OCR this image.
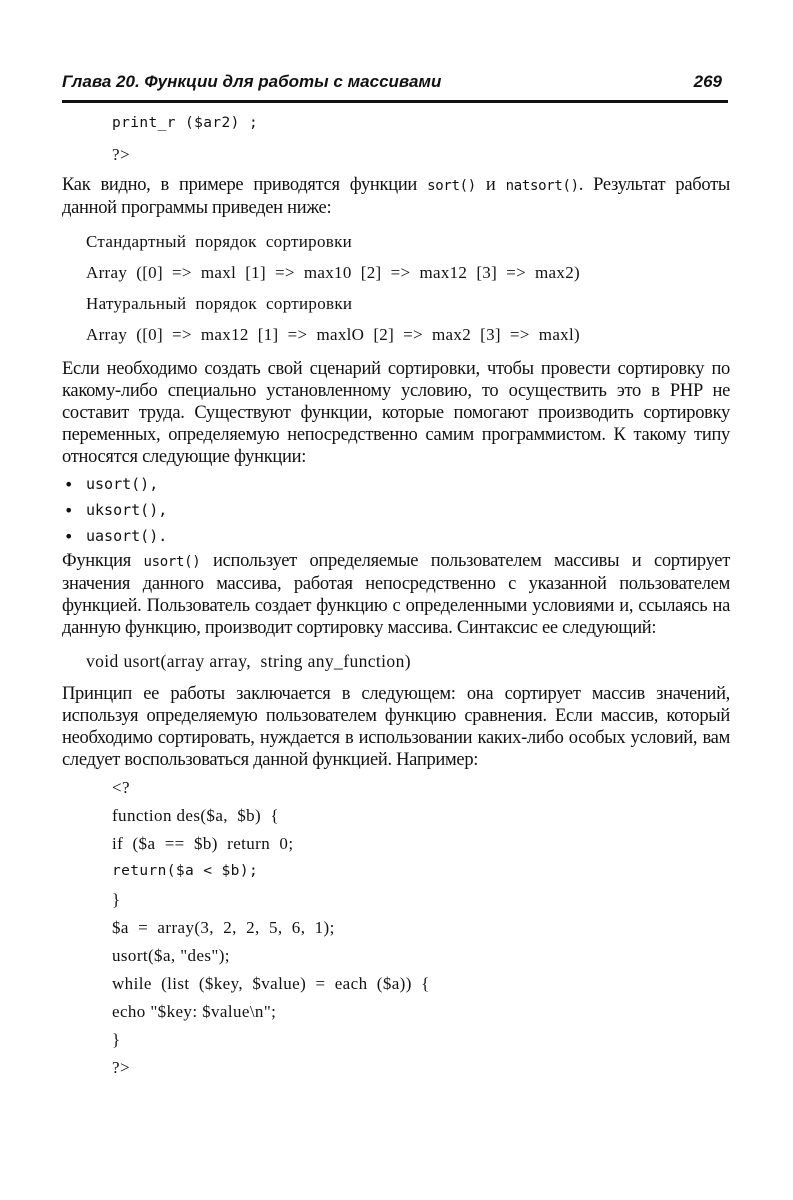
Глава 20. Функции для работы с массивами	269
print_r ($ar2) ;
?>

Как видно, в примере приводятся функции sort() и natsort(). Результат работы данной программы приведен ниже:

Стандартный  порядок  сортировки
Array  ([0]  =>  maxl  [1]  =>  max10  [2]  =>  max12  [3]  =>  max2)
Натуральный  порядок  сортировки
Array  ([0]  =>  max12  [1]  =>  maxlO  [2]  =>  max2  [3]  =>  maxl)

Если необходимо создать свой сценарий сортировки, чтобы провести сортировку по какому-либо специально установленному условию, то осуществить это в PHP не составит труда. Существуют функции, которые помогают производить сортировку переменных, определяемую непосредственно самим программистом. К такому типу относятся следующие функции:

• usort(),
• uksort(),
• uasort().

Функция usort() использует определяемые пользователем массивы и сортирует значения данного массива, работая непосредственно с указанной пользователем функцией. Пользователь создает функцию с определенными условиями и, ссылаясь на данную функцию, производит сортировку массива. Синтаксис ее следующий:

void usort(array array,  string any_function)

Принцип ее работы заключается в следующем: она сортирует массив значений, используя определяемую пользователем функцию сравнения. Если массив, который необходимо сортировать, нуждается в использовании каких-либо особых условий, вам следует воспользоваться данной функцией. Например:

<?
function des($a,  $b)  {
if  ($a  ==  $b)  return  0;
return($a < $b);
}
$a  =  array(3,  2,  2,  5,  6,  1);
usort($a, "des");
while  (list  ($key,  $value)  =  each  ($a))  {
echo "$key: $value\n";
}
?>
